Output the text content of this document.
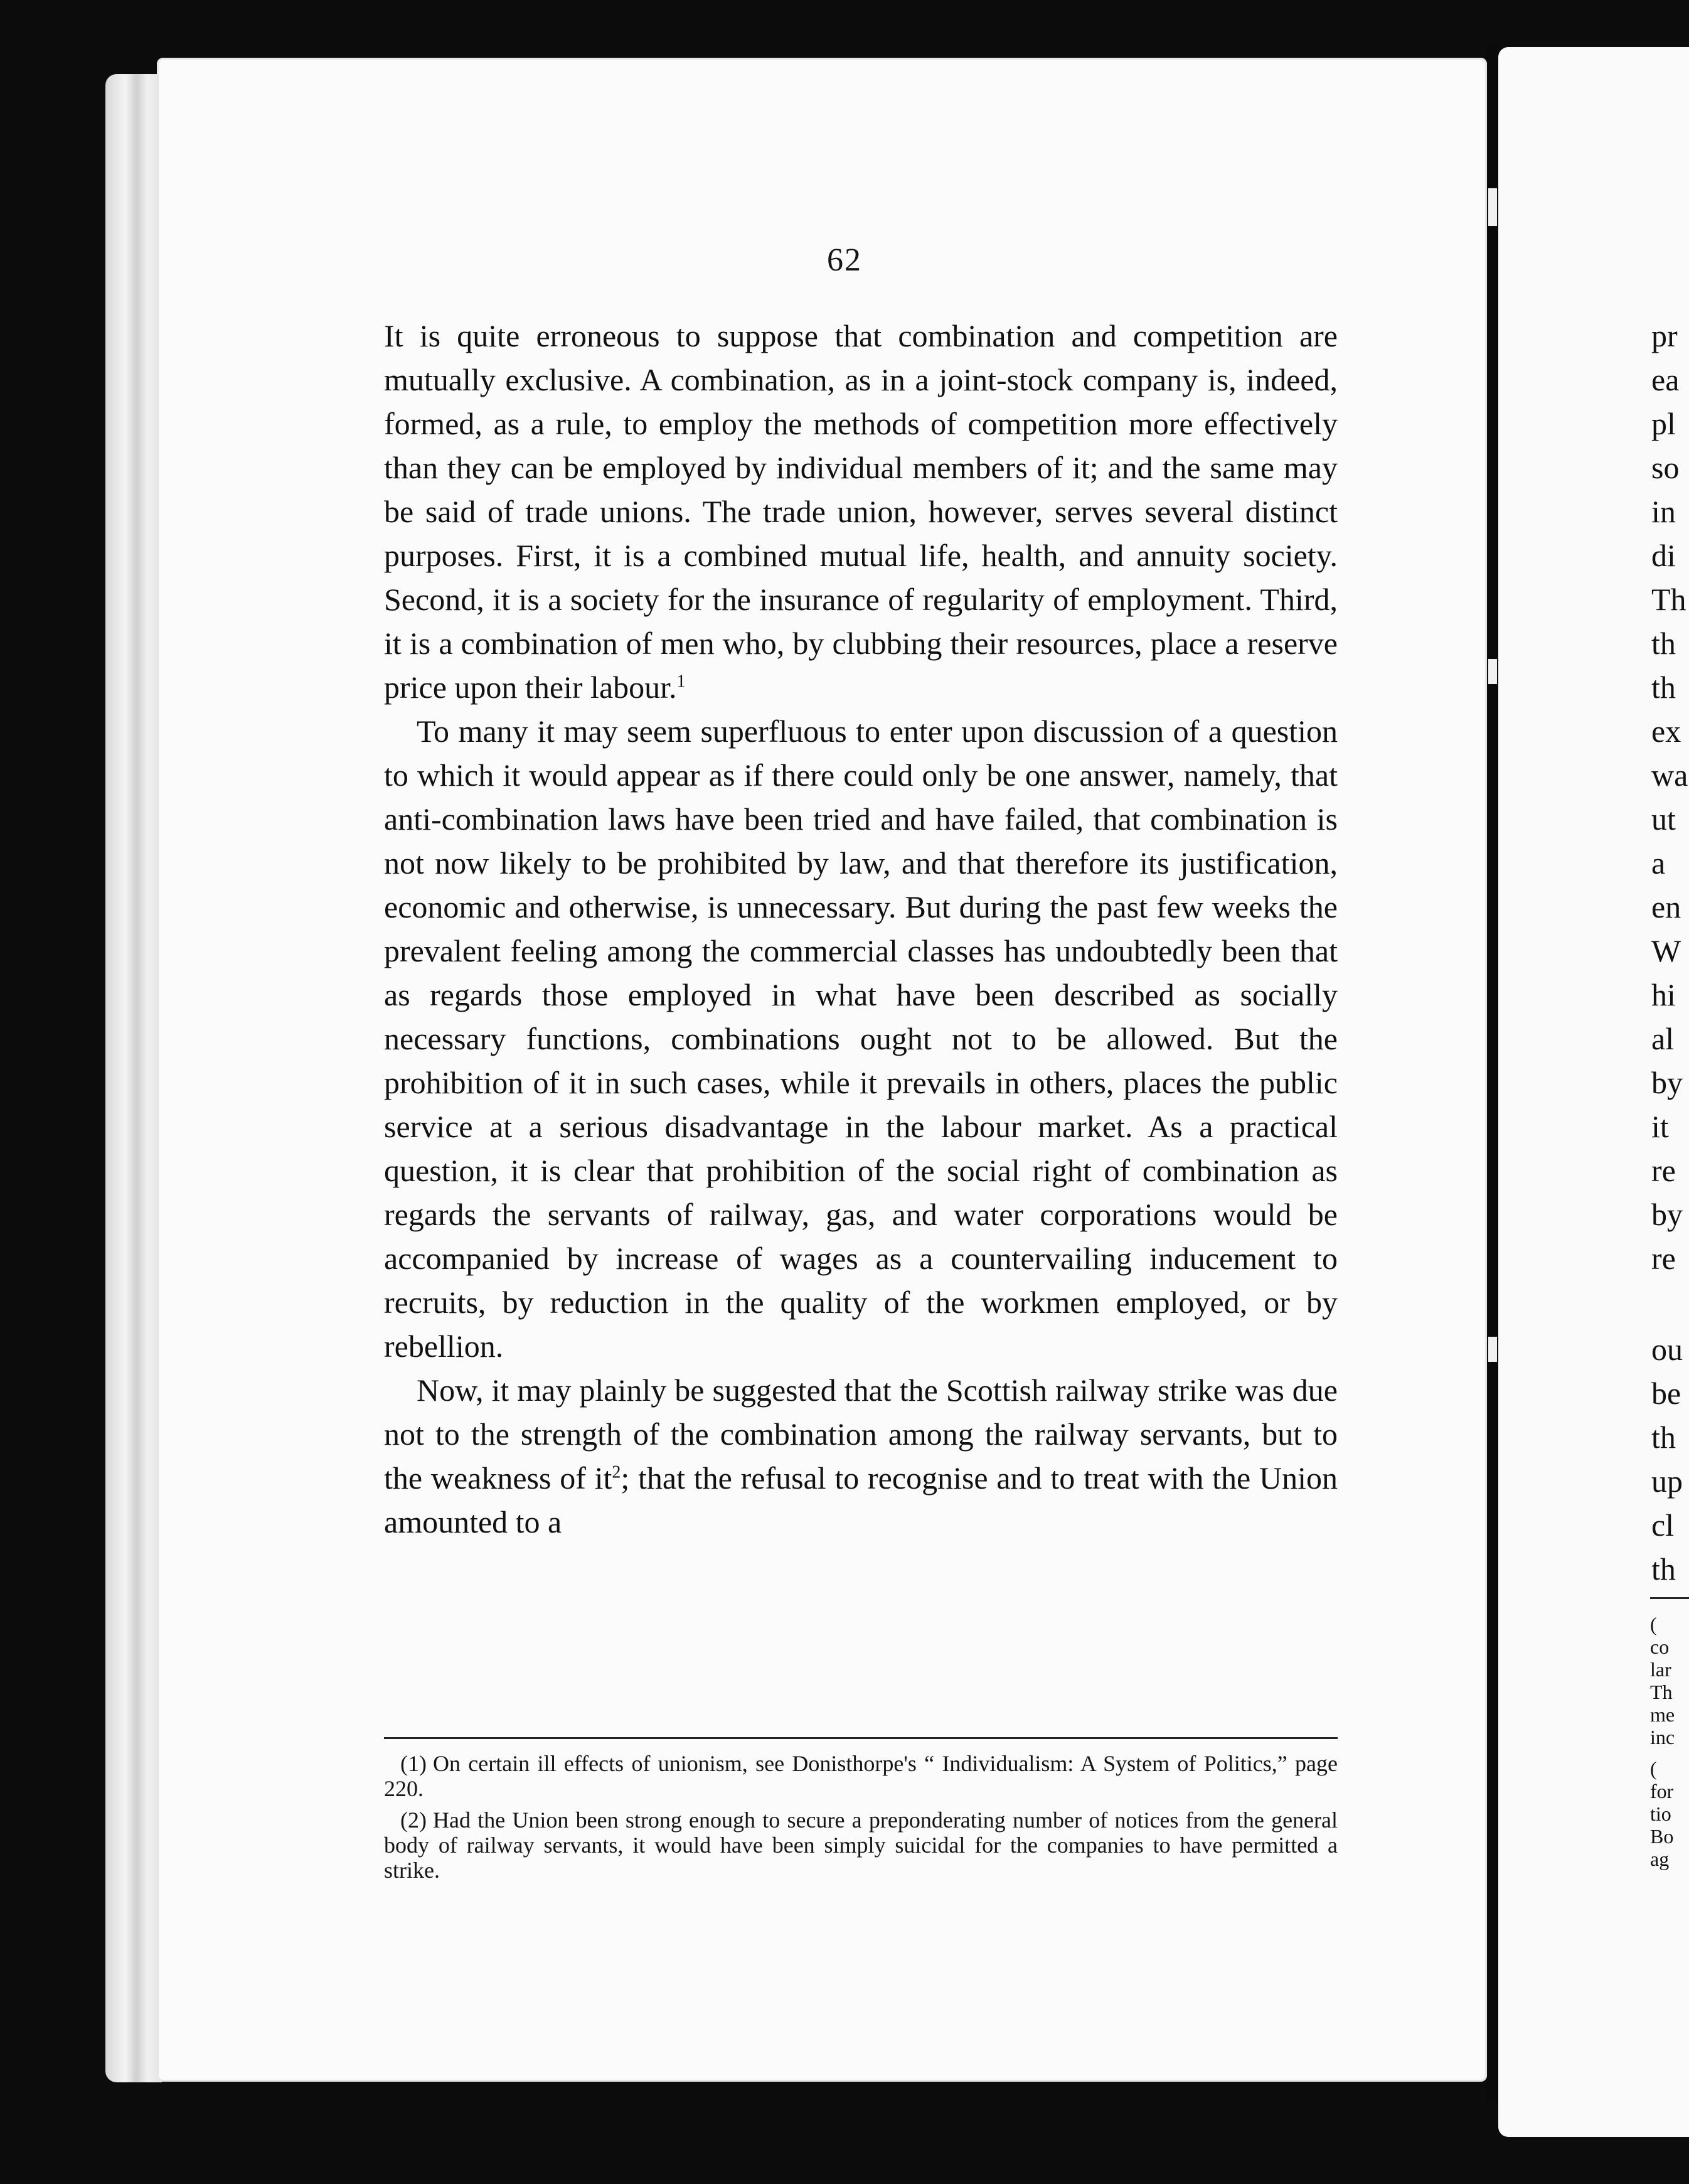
62

It is quite erroneous to suppose that combination and competition are mutually exclusive. A combination, as in a joint-stock company is, indeed, formed, as a rule, to employ the methods of competition more effectively than they can be employed by individual members of it; and the same may be said of trade unions. The trade union, however, serves several distinct purposes. First, it is a combined mutual life, health, and annuity society. Second, it is a society for the insurance of regularity of employment. Third, it is a combination of men who, by clubbing their resources, place a reserve price upon their labour.$^1$

To many it may seem superfluous to enter upon discussion of a question to which it would appear as if there could only be one answer, namely, that anti-combination laws have been tried and have failed, that combination is not now likely to be prohibited by law, and that therefore its justification, economic and otherwise, is unnecessary. But during the past few weeks the prevalent feeling among the commercial classes has undoubtedly been that as regards those employed in what have been described as socially necessary functions, combinations ought not to be allowed. But the prohibition of it in such cases, while it prevails in others, places the public service at a serious disadvantage in the labour market. As a practical question, it is clear that prohibition of the social right of combination as regards the servants of railway, gas, and water corporations would be accompanied by increase of wages as a countervailing inducement to recruits, by reduction in the quality of the workmen employed, or by rebellion.

Now, it may plainly be suggested that the Scottish railway strike was due not to the strength of the combination among the railway servants, but to the weakness of $it^2$; that the refusal to recognise and to treat with the Union amounted to a

(1) On certain ill effects of unionism, see Donisthorpe's “ Individualism: A System of Politics,” page 220.

(2) Had the Union been strong enough to secure a preponderating number of notices from the general body of railway servants, it would have been simply suicidal for the companies to have permitted a strike.

pr
ea
pl
so
in
di
Th
th
th
ex
wa
ut
a
en
W
hi
al
by
it
re
by
re
ou
be
th
up
cl
th
(
co
lar
Th
me
inc
(
for
tio
Bo
ag
